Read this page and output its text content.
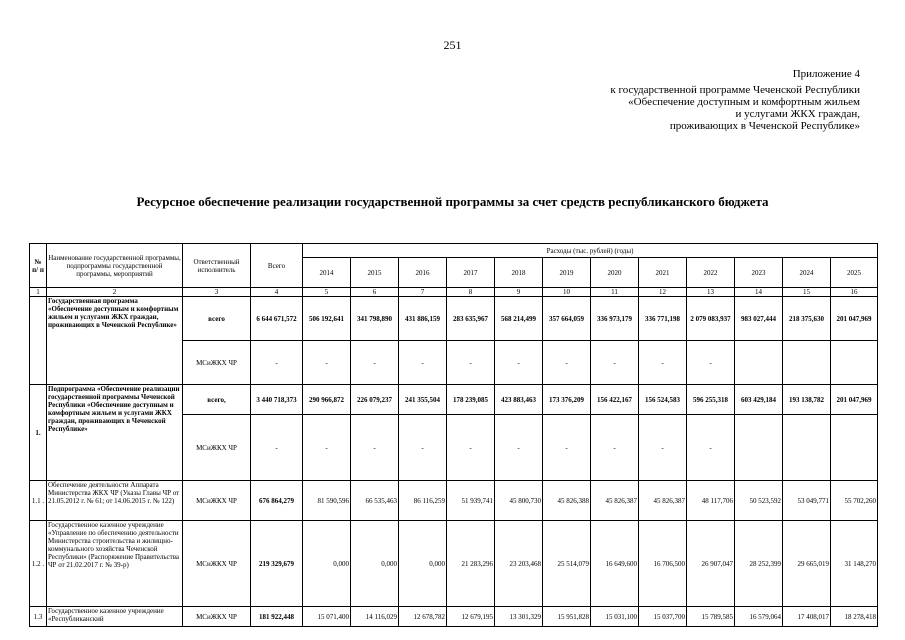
251
Приложение 4
к государственной программе Чеченской Республики
«Обеспечение доступным и комфортным жильем
и услугами ЖКХ граждан,
проживающих в Чеченской Республике»
Ресурсное обеспечение реализации государственной программы за счет средств республиканского бюджета
№ п/ п	Наименование государственной программы, подпрограммы государственной программы, мероприятий	Ответственный исполнитель	Всего	Расходы (тыс. рублей) (годы)											
				2014	2015	2016	2017	2018	2019	2020	2021	2022	2023	2024	2025
1	2	3	4	5	6	7	8	9	10	11	12	13	14	15	16
	Государственная программа «Обеспечение доступным и комфортным жильем и услугами ЖКХ граждан, проживающих в Чеченской Республике»	всего	6 644 671,572	506 192,641	341 798,890	431 886,159	283 635,967	568 214,499	357 664,059	336 973,179	336 771,198	2 079 083,937	983 027,444	218 375,630	201 047,969
		МСиЖКХ ЧР	-	-	-	-	-	-	-	-	-	-			
1.	Подпрограмма «Обеспечение реализации государственной программы Чеченской Республики «Обеспечение доступным и комфортным жильем и услугами ЖКХ граждан, проживающих в Чеченской Республике»	всего,	3 440 718,373	290 966,872	226 079,237	241 355,504	178 239,085	423 883,463	173 376,209	156 422,167	156 524,583	596 255,318	603 429,184	193 138,782	201 047,969
		МСиЖКХ ЧР	-	-	-	-	-	-	-	-	-	-			
1.1 .	Обеспечение деятельности Аппарата Министерства ЖКХ ЧР (Указы Главы ЧР от 21.05.2012 г. № 61; от 14.06.2015 г. № 122)	МСиЖКХ ЧР	676 864,279	81 590,596	66 535,463	86 116,259	51 939,741	45 800,730	45 826,388	45 826,387	45 826,387	48 117,706	50 523,592	53 049,771	55 702,260
1.2 .	Государственное казенное учреждение «Управление по обеспечению деятельности Министерства строительства и жилищно-коммунального хозяйства Чеченской Республики» (Распоряжение Правительства ЧР от 21.02.2017 г. № 39-р)	МСиЖКХ ЧР	219 329,679	0,000	0,000	0,000	21 283,296	23 203,468	25 514,079	16 649,600	16 706,500	26 907,047	28 252,399	29 665,019	31 148,270
1.3	Государственное казенное учреждение «Республиканский	МСиЖКХ ЧР	181 922,448	15 071,400	14 116,029	12 678,782	12 679,195	13 301,329	15 951,828	15 031,100	15 037,700	15 789,585	16 579,064	17 408,017	18 278,418
